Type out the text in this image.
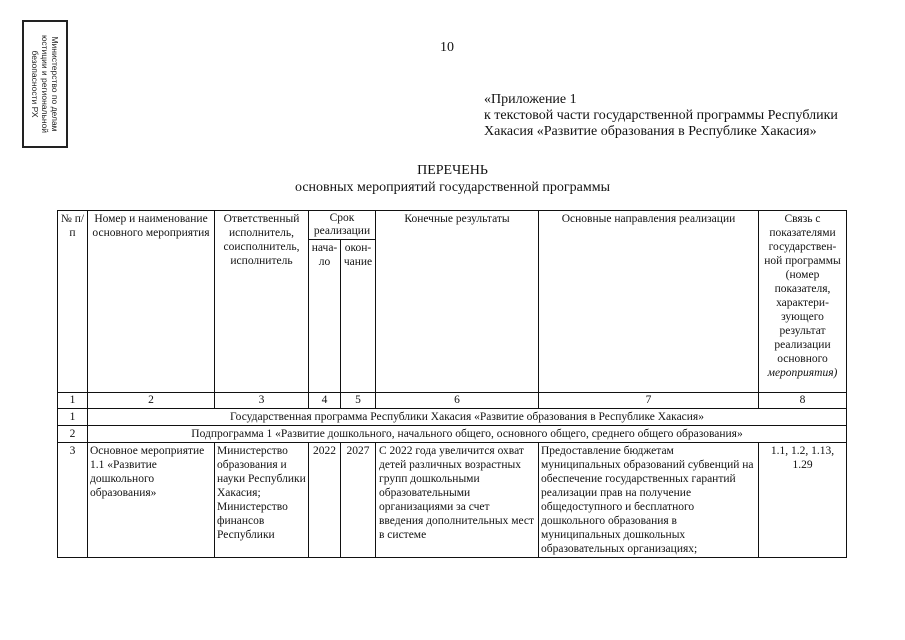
Министерство по делам
юстиции и региональной
безопасности РХ
10
«Приложение 1
к текстовой части государственной программы Республики
Хакасия «Развитие образования в Республике Хакасия»
ПЕРЕЧЕНЬ
основных мероприятий государственной программы
№ п/п	Номер и наименование основного мероприятия	Ответственный исполнитель, соисполнитель, исполнитель	Срок реализации		Конечные результаты	Основные направления реализации	Связь с показателями государствен-ной программы (номер показателя, характери-зующего результат реализации основного мероприятия)
			нача-ло	окон-чание			
1	2	3	4	5	6	7	8
1	Государственная программа Республики Хакасия «Развитие образования в Республике Хакасия»						
2	Подпрограмма 1 «Развитие дошкольного, начального общего, основного общего, среднего общего образования»						
3	Основное мероприятие 1.1 «Развитие дошкольного образования»	Министерство образования и науки Республики Хакасия; Министерство финансов Республики	2022	2027	С 2022 года увеличится охват детей различных возрастных групп дошкольными образовательными организациями за счет введения дополнительных мест в системе	Предоставление бюджетам муниципальных образований субвенций на обеспечение государственных гарантий реализации прав на получение общедоступного и бесплатного дошкольного образования в муниципальных дошкольных образовательных организациях;	1.1, 1.2, 1.13, 1.29
